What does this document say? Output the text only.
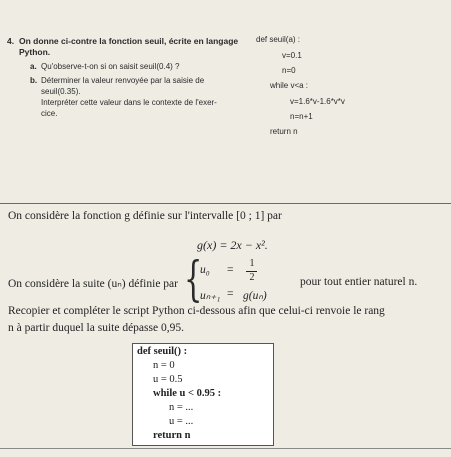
4. On donne ci-contre la fonction seuil, écrite en langage
Python.
a. Qu'observe-t-on si on saisit seuil(0.4) ?
b. Déterminer la valeur renvoyée par la saisie de
seuil(0.35).
Interpréter cette valeur dans le contexte de l'exer-
cice.
def seuil(a) :
v=0.1
n=0
while v<a :
v=1.6*v-1.6*v*v
n=n+1
return n
On considère la fonction g définie sur l'intervalle [0 ; 1] par
g(x) = 2x − x².
On considère la suite (uₙ) définie par {
u₀ =
1
2
uₙ₊₁ = g(uₙ)
pour tout entier naturel n.
Recopier et compléter le script Python ci-dessous afin que celui-ci renvoie le rang
n à partir duquel la suite dépasse 0,95.
def seuil() :
n = 0
u = 0.5
while u < 0.95 :
n = ...
u = ...
return n
